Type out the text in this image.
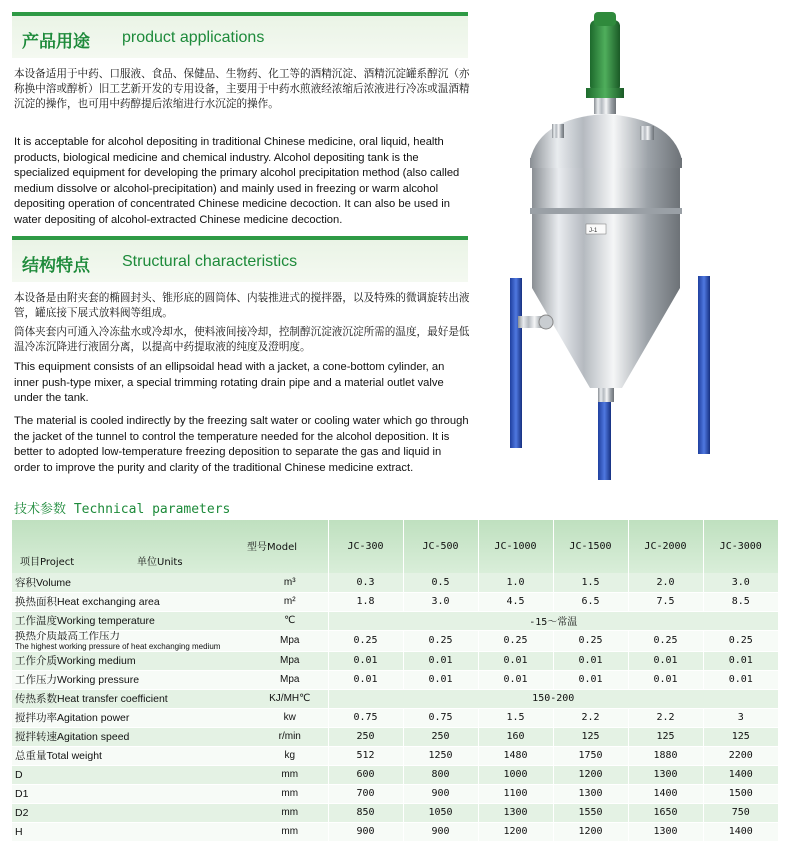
产品用途 product applications

本设备适用于中药、口服液、食品、保健品、生物药、化工等的酒精沉淀、酒精沉淀罐系醇沉（亦称换中溶或醇析）旧工艺新开发的专用设备，主要用于中药水煎液经浓缩后浓液进行冷冻或温酒精沉淀的操作，也可用中药醇提后浓缩进行水沉淀的操作。

It is acceptable for alcohol depositing in traditional Chinese medicine, oral liquid, health products, biological medicine and chemical industry. Alcohol depositing tank is the specialized equipment for developing the primary alcohol precipitation method (also called medium dissolve or alcohol-precipitation) and mainly used in freezing or warm alcohol depositing operation of concentrated Chinese medicine decoction. It can also be used in water depositing of alcohol-extracted Chinese medicine decoction.

结构特点 Structural characteristics

本设备是由附夹套的椭圆封头、锥形底的圆筒体、内装推进式的搅拌器，以及特殊的微调旋转出液管，罐底接下展式放料阀等组成。

筒体夹套内可通入冷冻盐水或冷却水，使料液间接冷却，控制醇沉淀液沉淀所需的温度，最好是低温冷冻沉降进行液固分离，以提高中药提取液的纯度及澄明度。

This equipment consists of an ellipsoidal head with a jacket, a cone-bottom cylinder, an inner push-type mixer, a special trimming rotating drain pipe and a material outlet valve under the tank.

The material is cooled indirectly by the freezing salt water or cooling water which go through the jacket of the tunnel to control the temperature needed for the alcohol deposition. It is better to adopted low-temperature freezing deposition to separate the gas and liquid in order to improve the purity and clarity of the traditional Chinese medicine extract.

J-1
技术参数 Technical parameters
型号Model
项目Project 单位Units		JC-300	JC-500	JC-1000	JC-1500	JC-2000	JC-3000
容积Volume	m³	0.3	0.5	1.0	1.5	2.0	3.0
换热面积Heat exchanging area	m²	1.8	3.0	4.5	6.5	7.5	8.5
工作温度Working temperature	℃	-15～常温					
换热介质最高工作压力
The highest working pressure of heat exchanging medium	Mpa	0.25	0.25	0.25	0.25	0.25	0.25
工作介质Working medium	Mpa	0.01	0.01	0.01	0.01	0.01	0.01
工作压力Working pressure	Mpa	0.01	0.01	0.01	0.01	0.01	0.01
传热系数Heat transfer coefficient	KJ/MH℃	150-200					
搅拌功率Agitation power	kw	0.75	0.75	1.5	2.2	2.2	3
搅拌转速Agitation speed	r/min	250	250	160	125	125	125
总重量Total weight	kg	512	1250	1480	1750	1880	2200
D	mm	600	800	1000	1200	1300	1400
D1	mm	700	900	1100	1300	1400	1500
D2	mm	850	1050	1300	1550	1650	750
H	mm	900	900	1200	1200	1300	1400
